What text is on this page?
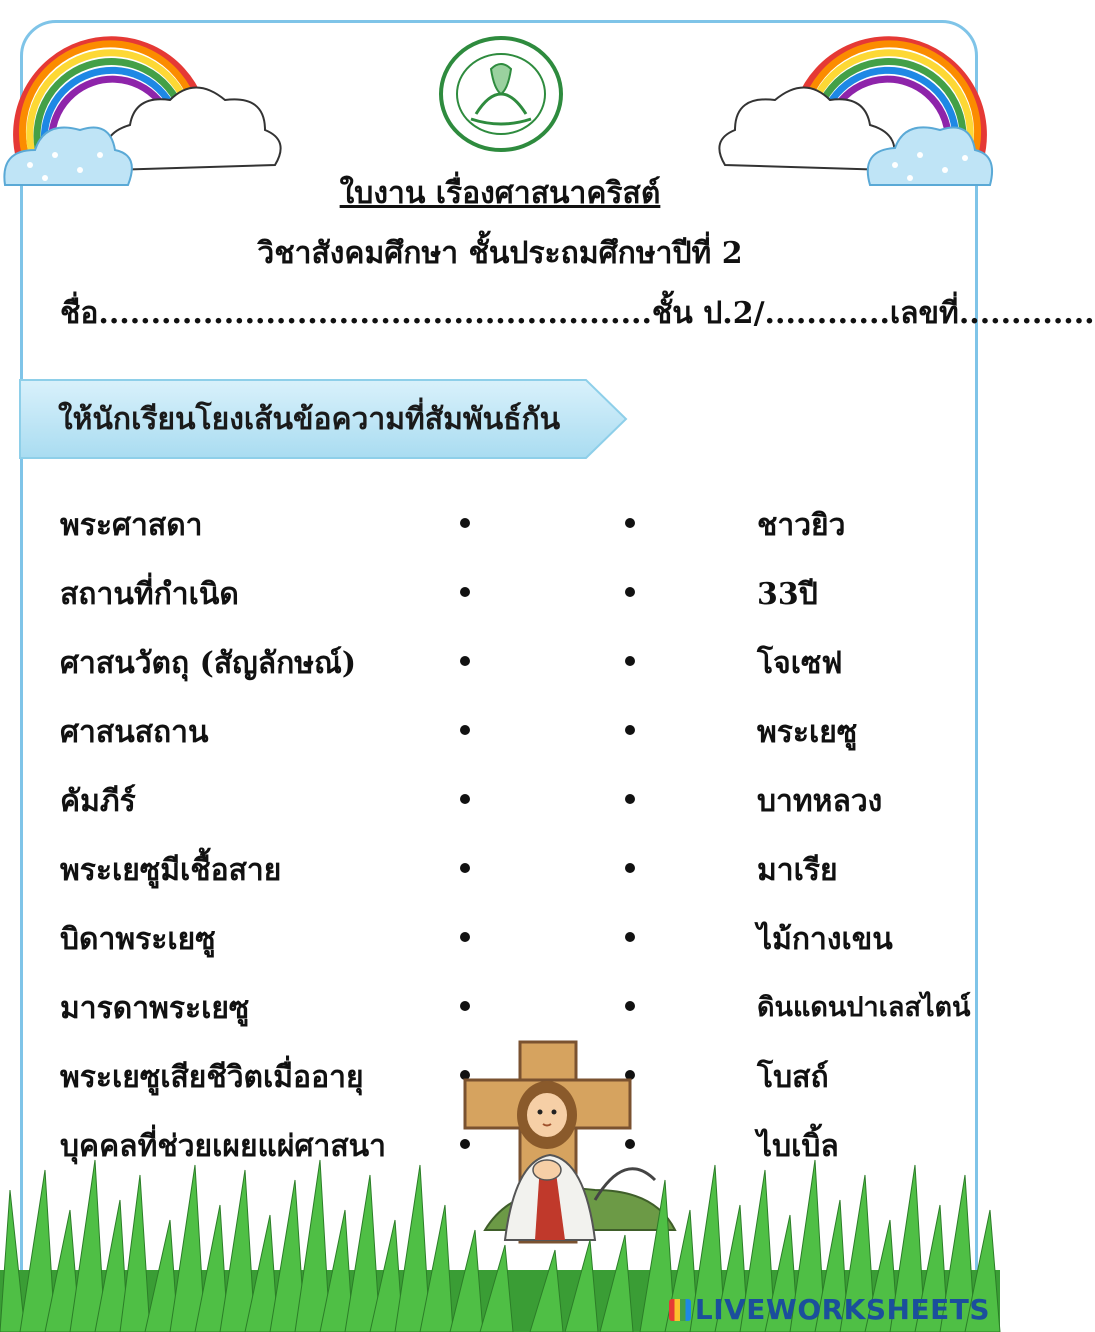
ใบงาน เรื่องศาสนาคริสต์
วิชาสังคมศึกษา ชั้นประถมศึกษาปีที่ 2
ชื่อ.....................................................ชั้น ป.2/............เลขที่.............
ให้นักเรียนโยงเส้นข้อความที่สัมพันธ์กัน
พระศาสดา	ชาวยิว
สถานที่กำเนิด	33ปี
ศาสนวัตถุ (สัญลักษณ์)	โจเซฟ
ศาสนสถาน	พระเยซู
คัมภีร์	บาทหลวง
พระเยซูมีเชื้อสาย	มาเรีย
บิดาพระเยซู	ไม้กางเขน
มารดาพระเยซู	ดินแดนปาเลสไตน์
พระเยซูเสียชีวิตเมื่ออายุ	โบสถ์
บุคคลที่ช่วยเผยแผ่ศาสนา	ไบเบิ้ล
LIVEWORKSHEETS
